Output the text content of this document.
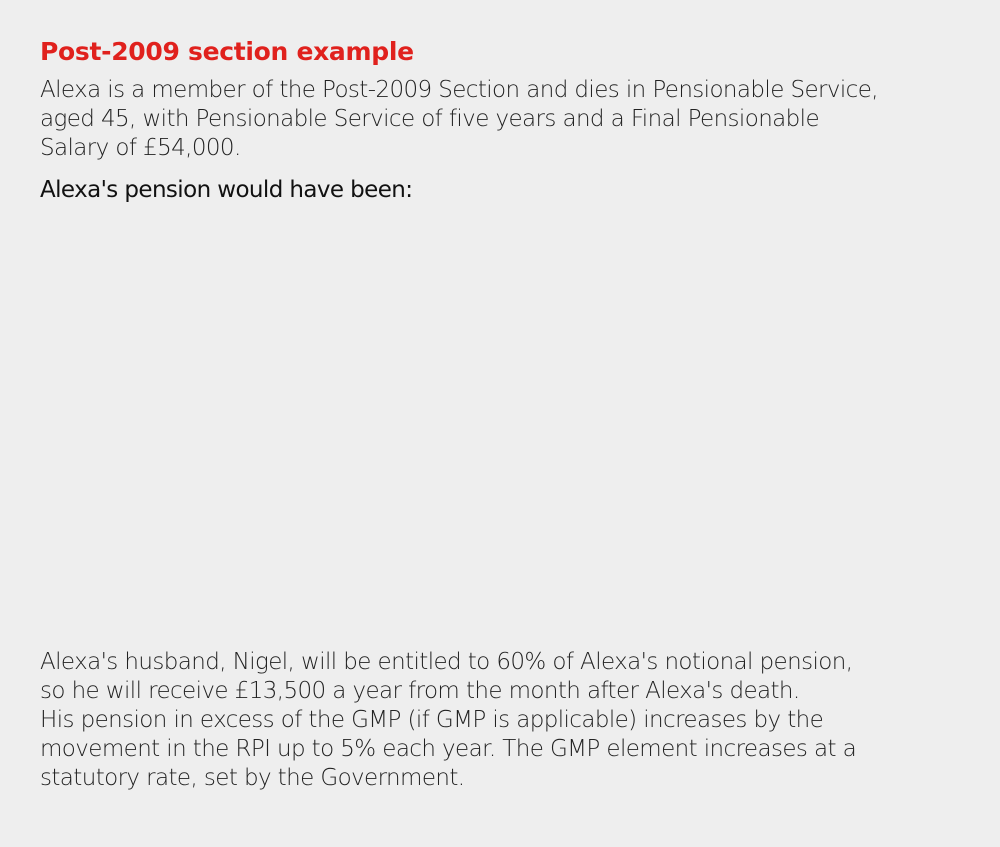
Post-2009 section example

Alexa is a member of the Post-2009 Section and dies in Pensionable Service,
aged 45, with Pensionable Service of five years and a Final Pensionable
Salary of £54,000.

Alexa's pension would have been:

Alexa's husband, Nigel, will be entitled to 60% of Alexa's notional pension,
so he will receive £13,500 a year from the month after Alexa's death.
His pension in excess of the GMP (if GMP is applicable) increases by the
movement in the RPI up to 5% each year. The GMP element increases at a
statutory rate, set by the Government.
